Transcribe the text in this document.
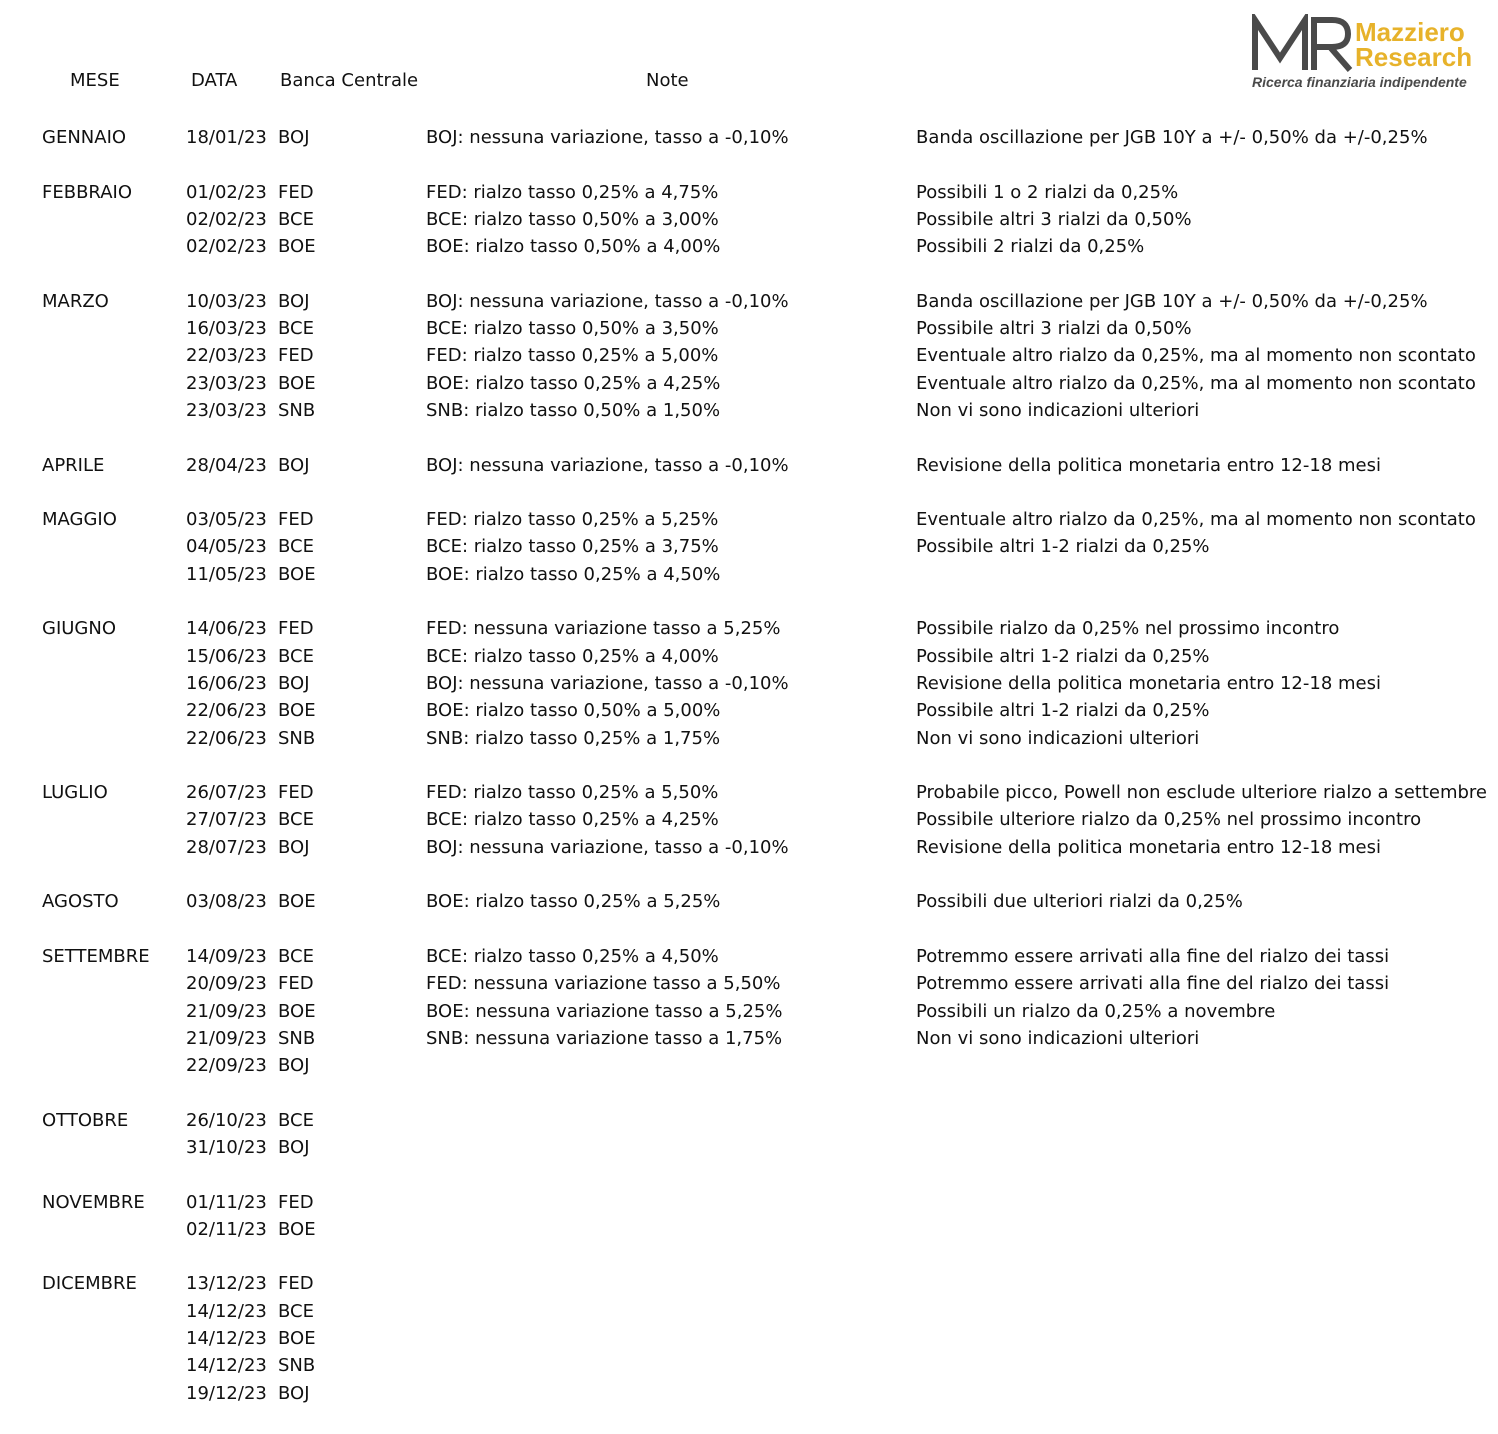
MESE	DATA Banca Centrale	Note
Mazziero
Research
Ricerca finanziaria indipendente
GENNAIO	18/01/23 BOJ	BOJ: nessuna variazione, tasso a -0,10%	Banda oscillazione per JGB 10Y a +/- 0,50% da +/-0,25%
FEBBRAIO	01/02/23 FED	FED: rialzo tasso 0,25% a 4,75%	Possibili 1 o 2 rialzi da 0,25%
02/02/23 BCE	BCE: rialzo tasso 0,50% a 3,00%	Possibile altri 3 rialzi da 0,50%
02/02/23 BOE	BOE: rialzo tasso 0,50% a 4,00%	Possibili 2 rialzi da 0,25%
MARZO	10/03/23 BOJ	BOJ: nessuna variazione, tasso a -0,10%	Banda oscillazione per JGB 10Y a +/- 0,50% da +/-0,25%
16/03/23 BCE	BCE: rialzo tasso 0,50% a 3,50%	Possibile altri 3 rialzi da 0,50%
22/03/23 FED	FED: rialzo tasso 0,25% a 5,00%	Eventuale altro rialzo da 0,25%, ma al momento non scontato
23/03/23 BOE	BOE: rialzo tasso 0,25% a 4,25%	Eventuale altro rialzo da 0,25%, ma al momento non scontato
23/03/23 SNB	SNB: rialzo tasso 0,50% a 1,50%	Non vi sono indicazioni ulteriori
APRILE	28/04/23 BOJ	BOJ: nessuna variazione, tasso a -0,10%	Revisione della politica monetaria entro 12-18 mesi
MAGGIO	03/05/23 FED	FED: rialzo tasso 0,25% a 5,25%	Eventuale altro rialzo da 0,25%, ma al momento non scontato
04/05/23 BCE	BCE: rialzo tasso 0,25% a 3,75%	Possibile altri 1-2 rialzi da 0,25%
11/05/23 BOE	BOE: rialzo tasso 0,25% a 4,50%
GIUGNO	14/06/23 FED	FED: nessuna variazione tasso a 5,25%	Possibile rialzo da 0,25% nel prossimo incontro
15/06/23 BCE	BCE: rialzo tasso 0,25% a 4,00%	Possibile altri 1-2 rialzi da 0,25%
16/06/23 BOJ	BOJ: nessuna variazione, tasso a -0,10%	Revisione della politica monetaria entro 12-18 mesi
22/06/23 BOE	BOE: rialzo tasso 0,50% a 5,00%	Possibile altri 1-2 rialzi da 0,25%
22/06/23 SNB	SNB: rialzo tasso 0,25% a 1,75%	Non vi sono indicazioni ulteriori
LUGLIO	26/07/23 FED	FED: rialzo tasso 0,25% a 5,50%	Probabile picco, Powell non esclude ulteriore rialzo a settembre
27/07/23 BCE	BCE: rialzo tasso 0,25% a 4,25%	Possibile ulteriore rialzo da 0,25% nel prossimo incontro
28/07/23 BOJ	BOJ: nessuna variazione, tasso a -0,10%	Revisione della politica monetaria entro 12-18 mesi
AGOSTO	03/08/23 BOE	BOE: rialzo tasso 0,25% a 5,25%	Possibili due ulteriori rialzi da 0,25%
SETTEMBRE 14/09/23 BCE	BCE: rialzo tasso 0,25% a 4,50%	Potremmo essere arrivati alla fine del rialzo dei tassi
20/09/23 FED	FED: nessuna variazione tasso a 5,50%	Potremmo essere arrivati alla fine del rialzo dei tassi
21/09/23 BOE	BOE: nessuna variazione tasso a 5,25%	Possibili un rialzo da 0,25% a novembre
21/09/23 SNB	SNB: nessuna variazione tasso a 1,75%	Non vi sono indicazioni ulteriori
22/09/23 BOJ
OTTOBRE	26/10/23 BCE
31/10/23 BOJ
NOVEMBRE 01/11/23 FED
02/11/23 BOE
DICEMBRE	13/12/23 FED
14/12/23 BCE
14/12/23 BOE
14/12/23 SNB
19/12/23 BOJ
